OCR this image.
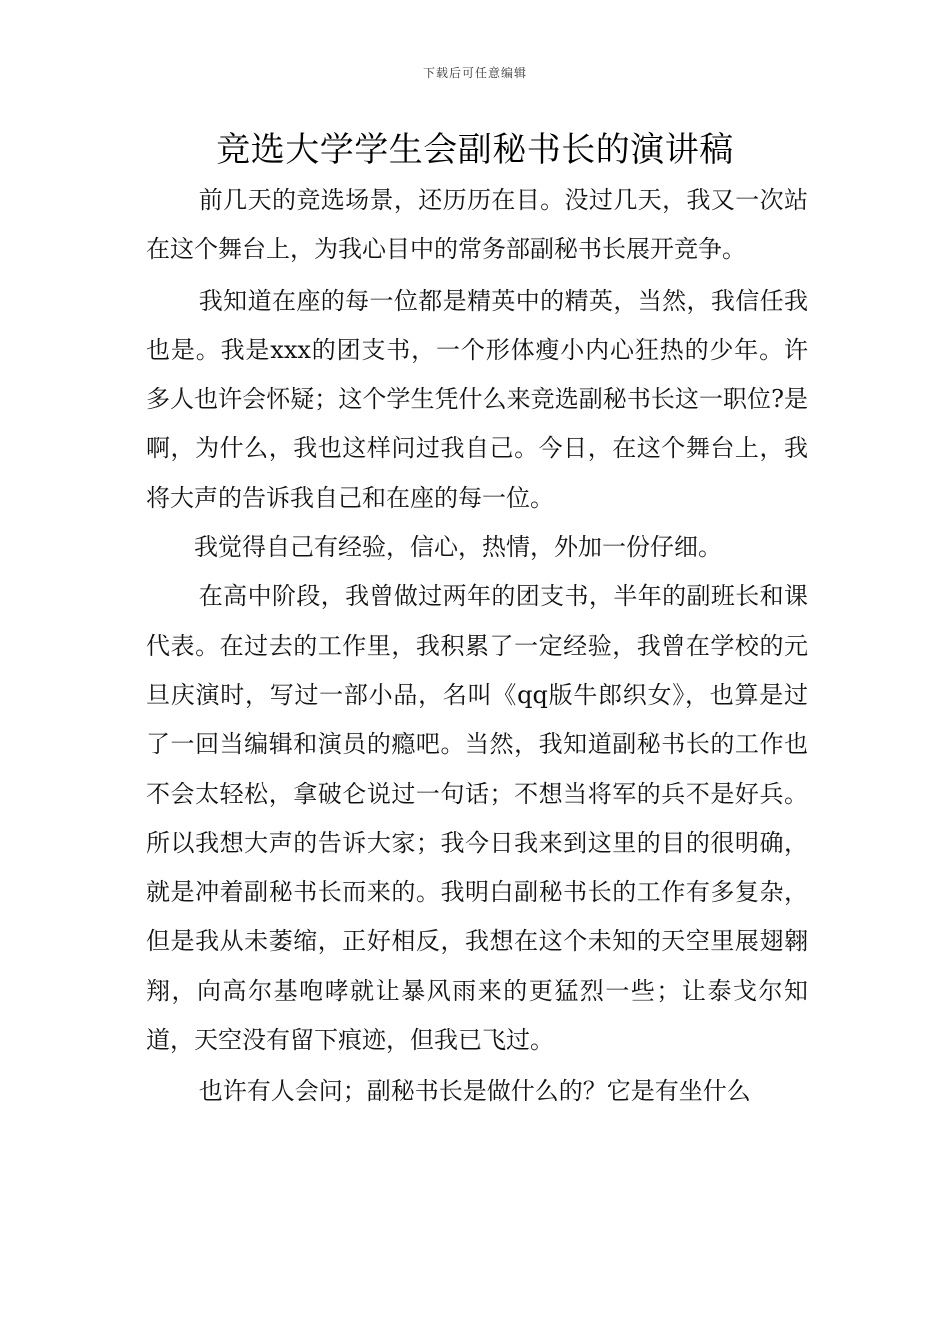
下载后可任意编辑
竞选大学学生会副秘书长的演讲稿

前几天的竞选场景，还历历在目。没过几天，我又一次站在这个舞台上，为我心目中的常务部副秘书长展开竞争。

我知道在座的每一位都是精英中的精英，当然，我信任我也是。我是xxx的团支书，一个形体瘦小内心狂热的少年。许多人也许会怀疑；这个学生凭什么来竞选副秘书长这一职位?是啊，为什么，我也这样问过我自己。今日，在这个舞台上，我将大声的告诉我自己和在座的每一位。

我觉得自己有经验，信心，热情，外加一份仔细。

在高中阶段，我曾做过两年的团支书，半年的副班长和课代表。在过去的工作里，我积累了一定经验，我曾在学校的元旦庆演时，写过一部小品，名叫《qq版牛郎织女》，也算是过了一回当编辑和演员的瘾吧。当然，我知道副秘书长的工作也不会太轻松，拿破仑说过一句话；不想当将军的兵不是好兵。所以我想大声的告诉大家；我今日我来到这里的目的很明确，就是冲着副秘书长而来的。我明白副秘书长的工作有多复杂，但是我从未萎缩，正好相反，我想在这个未知的天空里展翅翱翔，向高尔基咆哮就让暴风雨来的更猛烈一些；让泰戈尔知道，天空没有留下痕迹，但我已飞过。

也许有人会问；副秘书长是做什么的？它是有坐什么
